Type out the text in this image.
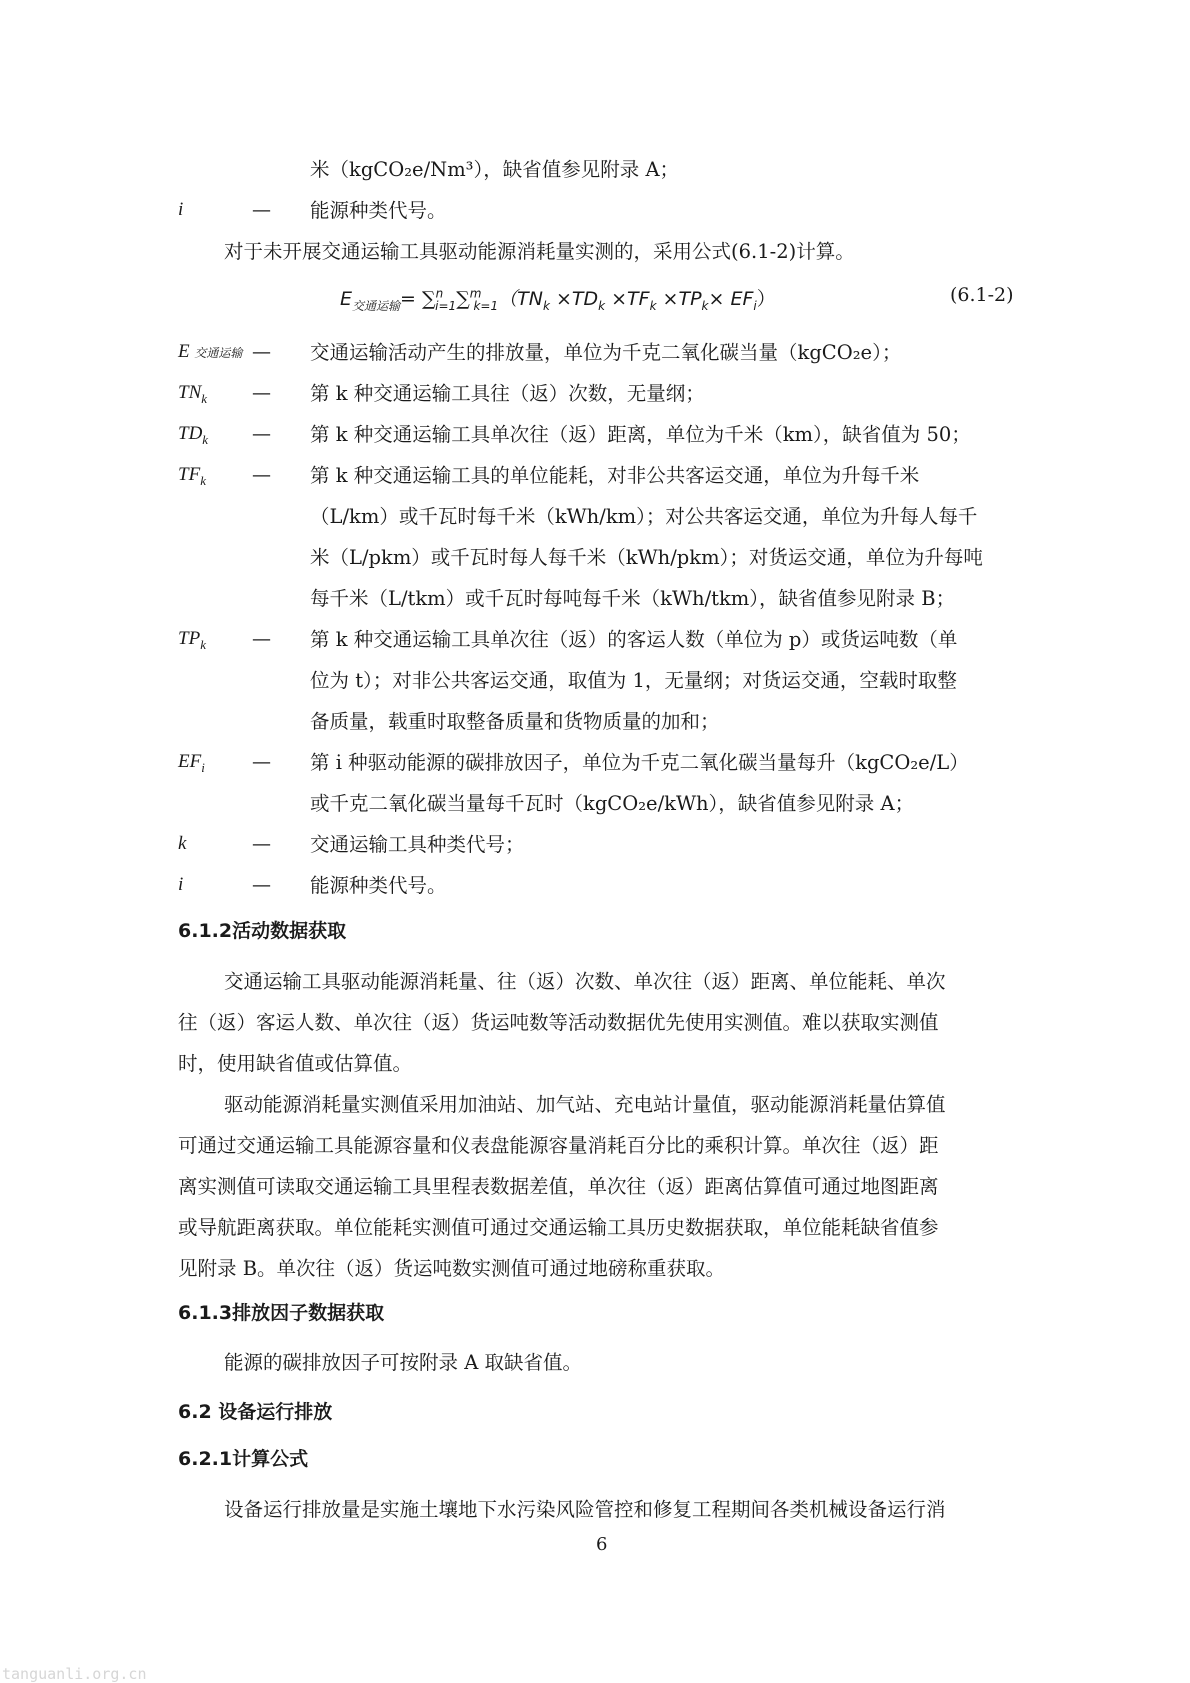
米（kgCO₂e/Nm³），缺省值参见附录 A；
i	— 能源种类代号。
对于未开展交通运输工具驱动能源消耗量实测的，采用公式(6.1-2)计算。
$E_{交通运输}= \sum^n_{i=1}\sum^m_{k=1}(TN_k \times TD_k \times TF_k \times TP_k\times EF_i)$	(6.1-2)
E 交通运输 — 交通运输活动产生的排放量，单位为千克二氧化碳当量（kgCO₂e）；
$TN_k$ — 第 k 种交通运输工具往（返）次数，无量纲；
$TD_k$ — 第 k 种交通运输工具单次往（返）距离，单位为千米（km），缺省值为 50；
$TF_k$ — 第 k 种交通运输工具的单位能耗，对非公共客运交通，单位为升每千米
（L/km）或千瓦时每千米（kWh/km）；对公共客运交通，单位为升每人每千
米（L/pkm）或千瓦时每人每千米（kWh/pkm）；对货运交通，单位为升每吨
每千米（L/tkm）或千瓦时每吨每千米（kWh/tkm），缺省值参见附录 B；
$TP_k$ — 第 k 种交通运输工具单次往（返）的客运人数（单位为 p）或货运吨数（单
位为 t）；对非公共客运交通，取值为 1，无量纲；对货运交通，空载时取整
备质量，载重时取整备质量和货物质量的加和；
$EF_i$ — 第 i 种驱动能源的碳排放因子，单位为千克二氧化碳当量每升（kgCO₂e/L）
或千克二氧化碳当量每千瓦时（kgCO₂e/kWh），缺省值参见附录 A；
k	— 交通运输工具种类代号；
i	— 能源种类代号。
6.1.2活动数据获取
交通运输工具驱动能源消耗量、往（返）次数、单次往（返）距离、单位能耗、单次
往（返）客运人数、单次往（返）货运吨数等活动数据优先使用实测值。难以获取实测值
时，使用缺省值或估算值。
驱动能源消耗量实测值采用加油站、加气站、充电站计量值，驱动能源消耗量估算值
可通过交通运输工具能源容量和仪表盘能源容量消耗百分比的乘积计算。单次往（返）距
离实测值可读取交通运输工具里程表数据差值，单次往（返）距离估算值可通过地图距离
或导航距离获取。单位能耗实测值可通过交通运输工具历史数据获取，单位能耗缺省值参
见附录 B。单次往（返）货运吨数实测值可通过地磅称重获取。
6.1.3排放因子数据获取
能源的碳排放因子可按附录 A 取缺省值。
6.2 设备运行排放
6.2.1计算公式
设备运行排放量是实施土壤地下水污染风险管控和修复工程期间各类机械设备运行消
6
tanguanli.org.cn
